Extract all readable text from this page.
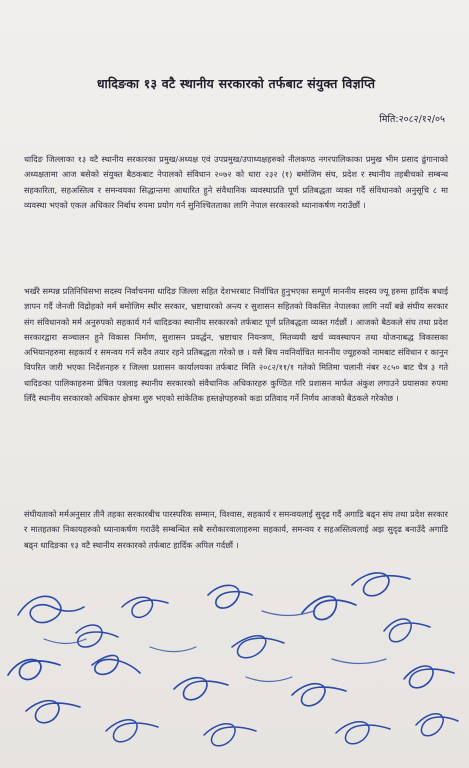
धादिङका १३ वटै स्थानीय सरकारको तर्फबाट संयुक्त विज्ञप्ति
मिति:२०८२/१२/०५
धादिङ जिल्लाका १३ वटै स्थानीय सरकारका प्रमुख/अध्यक्ष एवं उपप्रमुख/उपाध्यक्षहरुको नीलकण्ठ नगरपालिकाका प्रमुख भीम प्रसाद ढुंगानाको अध्यक्षतामा आज बसेको संयुक्त बैठकबाट नेपालको संविधान २०७२ को धारा २३२ (१) बमोजिम संघ, प्रदेश र स्थानीय तहबीचको सम्बन्ध सहकारिता, सहअस्तित्व र समन्वयका सिद्धान्तमा आधारित हुने संवैधानिक व्यवस्थाप्रति पूर्ण प्रतिबद्धता व्यक्त गर्दै संविधानको अनुसूचि ८ मा व्यवस्था भएको एकल अधिकार निर्बाध रुपमा प्रयोग गर्न सुनिश्चितताका लागि नेपाल सरकारको ध्यानाकर्षण गराउँछौं ।
भर्खरै सम्पन्न प्रतिनिधिसभा सदस्य निर्वाचनमा धादिङ जिल्ला सहित देशभरबाट निर्वाचित हुनुभएका सम्पूर्ण माननीय सदस्य ज्यू हरुमा हार्दिक बधाई ज्ञापन गर्दै जेनजी विद्रोहको मर्म बमोजिम स्थीर सरकार, भ्रष्टाचारको अन्त्य र सुशासन सहितको विकसित नेपालका लागि नयाँ बन्ने संघीय सरकार संग संविधानको मर्म अनुरुपको सहकार्य गर्न धादिङका स्थानीय सरकारको तर्फबाट पूर्ण प्रतिबद्धता व्यक्त गर्दछौं । आजको बैठकले संघ तथा प्रदेश सरकारद्वारा सञ्चालन हुने विकास निर्माण, सुशासन प्रवर्द्धन, भ्रष्टाचार नियन्त्रण, मितव्ययी खर्च व्यवस्थापन तथा योजनाबद्ध विकासका अभियानहरुमा सहकार्य र समन्वय गर्न सदैव तयार रहने प्रतिबद्धता गरेको छ । यसै बिच नवनिर्वाचित माननीय ज्यूहरुको नामबाट संविधान र कानुन विपरित जारी भएका निर्देशनहरु र जिल्ला प्रशासन कार्यालयका तर्फबाट मिति २०८२/११/१ गतेको मितिमा चलानी नंबर २८५० बाट चैत्र ३ गते धादिङका पालिकाहरुमा प्रेषित पत्रलाइ स्थानीय सरकारको संवैधानिक अधिकारहरु कुण्ठित गरि प्रशासन मार्फत अंकुश लगाउने प्रयासका रुपमा लिँदै स्थानीय सरकारको अधिकार क्षेत्रमा शुरु भएको सांकेतिक हस्तक्षेपहरुको कडा प्रतिवाद गर्ने निर्णय आजको बैठकले गरेकोछ ।
संघीयताको मर्मअनुसार तीनै तहका सरकारबीच पारस्परिक सम्मान, विश्वास, सहकार्य र समन्वयलाई सुदृढ गर्दै अगाडि बढ्न संघ तथा प्रदेश सरकार र मातहतका निकायहरुको ध्यानाकर्षण गराउँदै सम्बन्धित सबै सरोकारवालाहरुमा सहकार्य, समन्वय र सहअस्तित्वलाई अझ सुदृढ बनाउँदै अगाडि बढ्न धादिङका १३ वटै स्थानीय सरकारको तर्फबाट हार्दिक अपिल गर्दछौं ।
